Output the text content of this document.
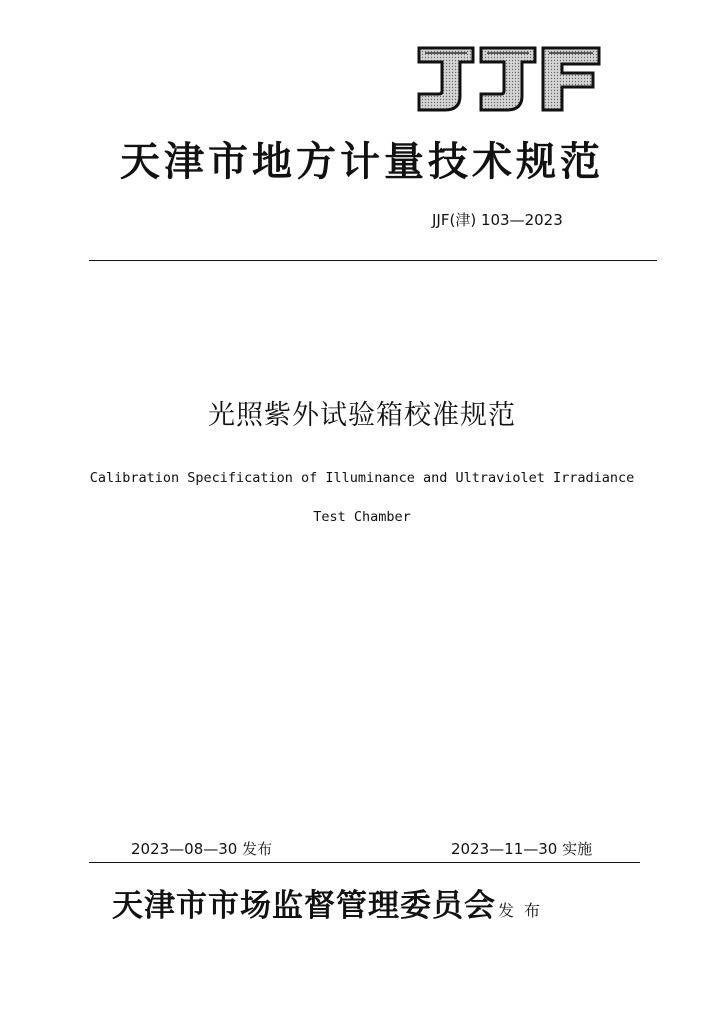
天津市地方计量技术规范
JJF(津) 103—2023
光照紫外试验箱校准规范
Calibration Specification of Illuminance and Ultraviolet Irradiance
Test Chamber
2023—08—30 发布	2023—11—30 实施
天津市市场监督管理委员会 发布
